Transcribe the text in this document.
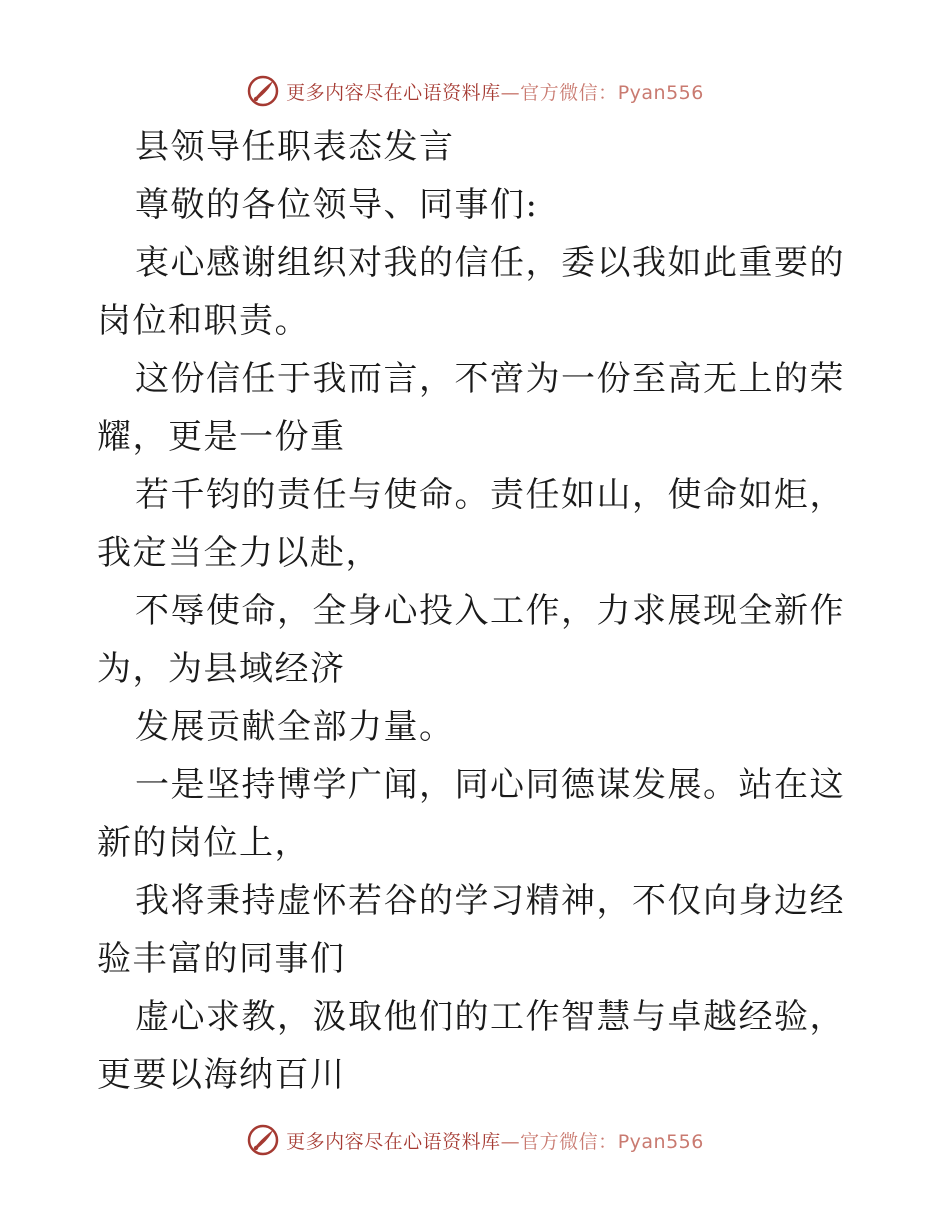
更多内容尽在心语资料库—官方微信：Pyan556

县领导任职表态发言

尊敬的各位领导、同事们:

衷心感谢组织对我的信任，委以我如此重要的岗位和职责。

这份信任于我而言，不啻为一份至高无上的荣耀，更是一份重

若千钧的责任与使命。责任如山，使命如炬，我定当全力以赴，

不辱使命，全身心投入工作，力求展现全新作为，为县域经济

发展贡献全部力量。

一是坚持博学广闻，同心同德谋发展。站在这新的岗位上，

我将秉持虚怀若谷的学习精神，不仅向身边经验丰富的同事们

虚心求教，汲取他们的工作智慧与卓越经验，更要以海纳百川

更多内容尽在心语资料库—官方微信：Pyan556
